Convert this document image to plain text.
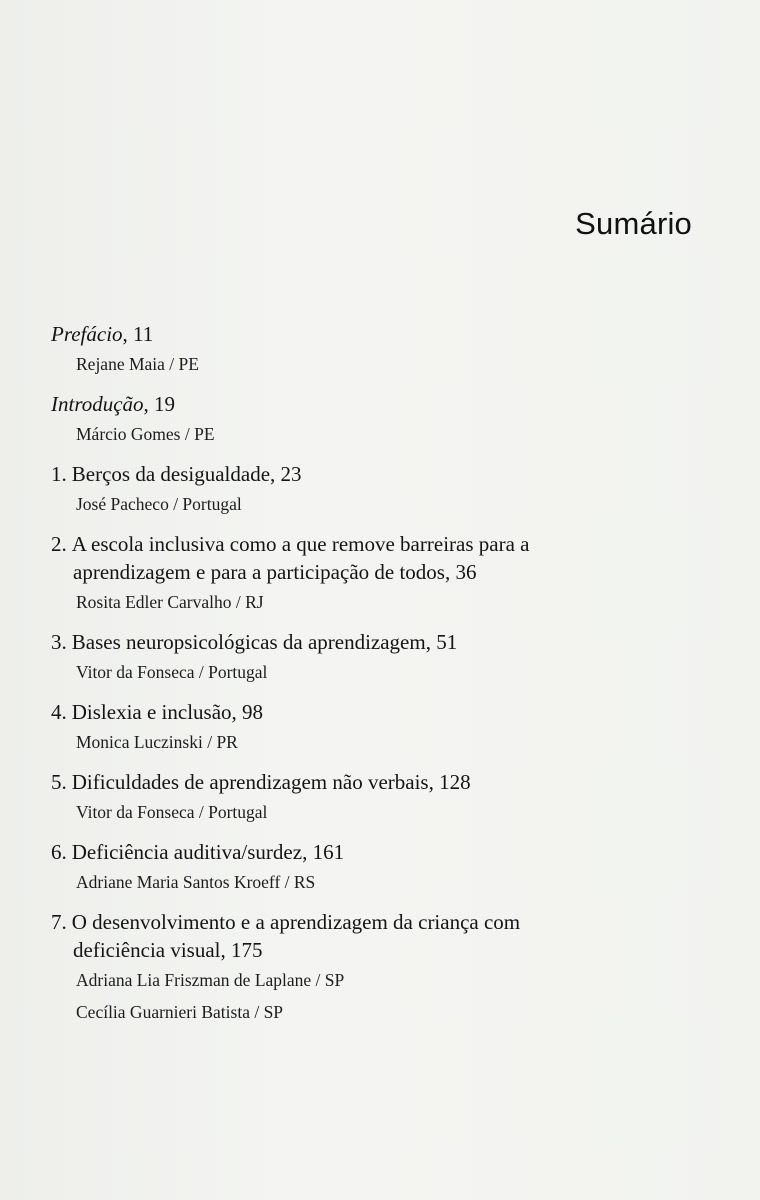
Sumário
Prefácio, 11
Rejane Maia / PE
Introdução, 19
Márcio Gomes / PE
1. Berços da desigualdade, 23
José Pacheco / Portugal
2. A escola inclusiva como a que remove barreiras para a
aprendizagem e para a participação de todos, 36
Rosita Edler Carvalho / RJ
3. Bases neuropsicológicas da aprendizagem, 51
Vitor da Fonseca / Portugal
4. Dislexia e inclusão, 98
Monica Luczinski / PR
5. Dificuldades de aprendizagem não verbais, 128
Vitor da Fonseca / Portugal
6. Deficiência auditiva/surdez, 161
Adriane Maria Santos Kroeff / RS
7. O desenvolvimento e a aprendizagem da criança com
deficiência visual, 175
Adriana Lia Friszman de Laplane / SP
Cecília Guarnieri Batista / SP
